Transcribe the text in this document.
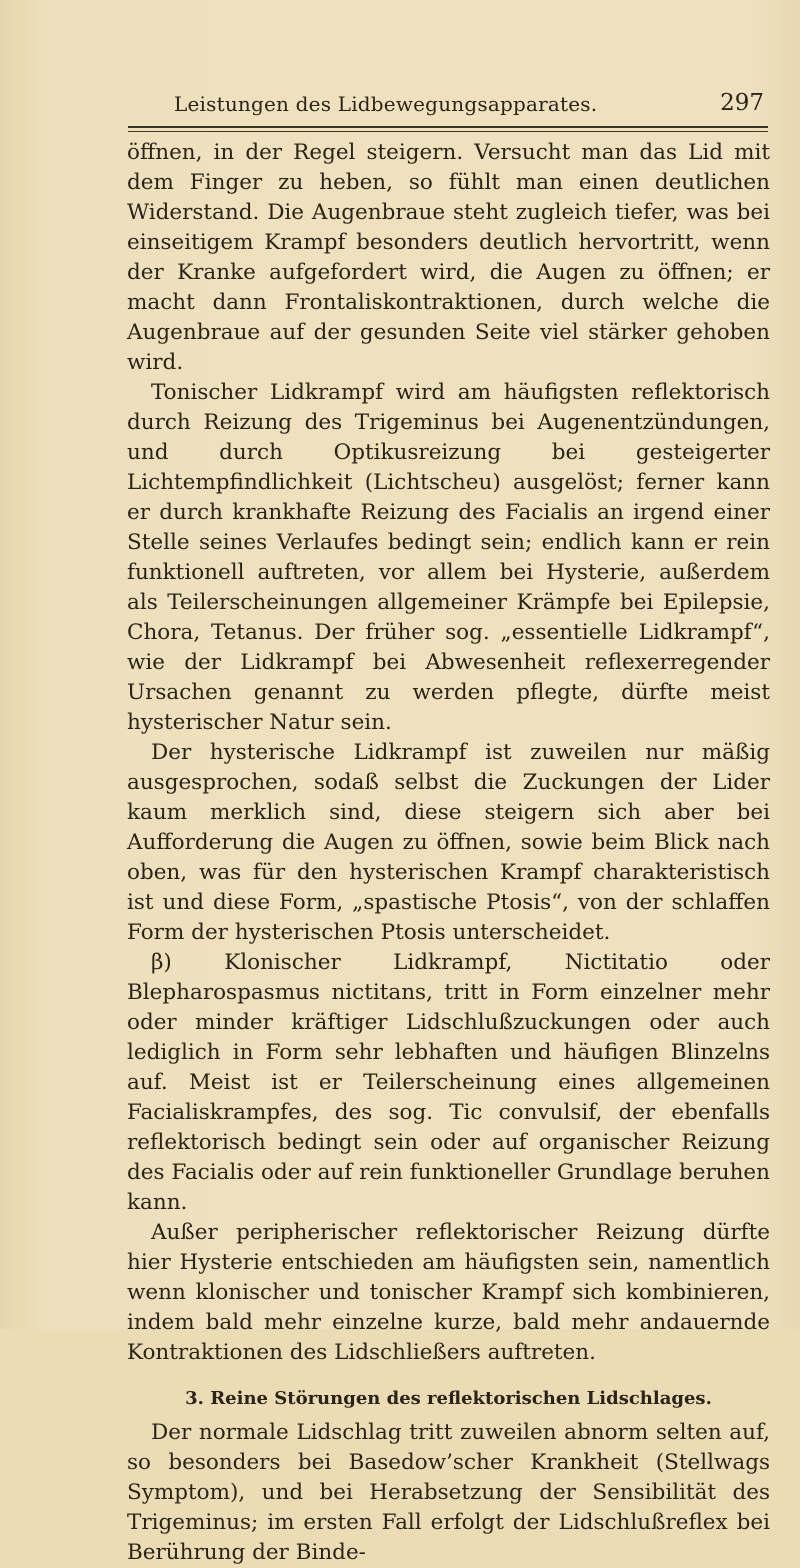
Leistungen des Lidbewegungsapparates.	297

öffnen, in der Regel steigern. Versucht man das Lid mit dem Finger zu heben, so fühlt man einen deutlichen Widerstand. Die Augenbraue steht zugleich tiefer, was bei einseitigem Krampf besonders deutlich hervortritt, wenn der Kranke aufgefordert wird, die Augen zu öffnen; er macht dann Frontaliskontraktionen, durch welche die Augenbraue auf der gesunden Seite viel stärker gehoben wird.

Tonischer Lidkrampf wird am häufigsten reflektorisch durch Reizung des Trigeminus bei Augenentzündungen, und durch Optikusreizung bei gesteigerter Lichtempfindlichkeit (Lichtscheu) ausgelöst; ferner kann er durch krankhafte Reizung des Facialis an irgend einer Stelle seines Verlaufes bedingt sein; endlich kann er rein funktionell auftreten, vor allem bei Hysterie, außerdem als Teilerscheinungen allgemeiner Krämpfe bei Epilepsie, Chora, Tetanus. Der früher sog. „essentielle Lidkrampf“, wie der Lidkrampf bei Abwesenheit reflexerregender Ursachen genannt zu werden pflegte, dürfte meist hysterischer Natur sein.

Der hysterische Lidkrampf ist zuweilen nur mäßig ausgesprochen, sodaß selbst die Zuckungen der Lider kaum merklich sind, diese steigern sich aber bei Aufforderung die Augen zu öffnen, sowie beim Blick nach oben, was für den hysterischen Krampf charakteristisch ist und diese Form, „spastische Ptosis“, von der schlaffen Form der hysterischen Ptosis unterscheidet.

β) Klonischer Lidkrampf, Nictitatio oder Blepharospasmus nictitans, tritt in Form einzelner mehr oder minder kräftiger Lidschlußzuckungen oder auch lediglich in Form sehr lebhaften und häufigen Blinzelns auf. Meist ist er Teilerscheinung eines allgemeinen Facialiskrampfes, des sog. Tic convulsif, der ebenfalls reflektorisch bedingt sein oder auf organischer Reizung des Facialis oder auf rein funktioneller Grundlage beruhen kann.

Außer peripherischer reflektorischer Reizung dürfte hier Hysterie entschieden am häufigsten sein, namentlich wenn klonischer und tonischer Krampf sich kombinieren, indem bald mehr einzelne kurze, bald mehr andauernde Kontraktionen des Lidschließers auftreten.

3. Reine Störungen des reflektorischen Lidschlages.

Der normale Lidschlag tritt zuweilen abnorm selten auf, so besonders bei Basedow’scher Krankheit (Stellwags Symptom), und bei Herabsetzung der Sensibilität des Trigeminus; im ersten Fall erfolgt der Lidschlußreflex bei Berührung der Binde-
